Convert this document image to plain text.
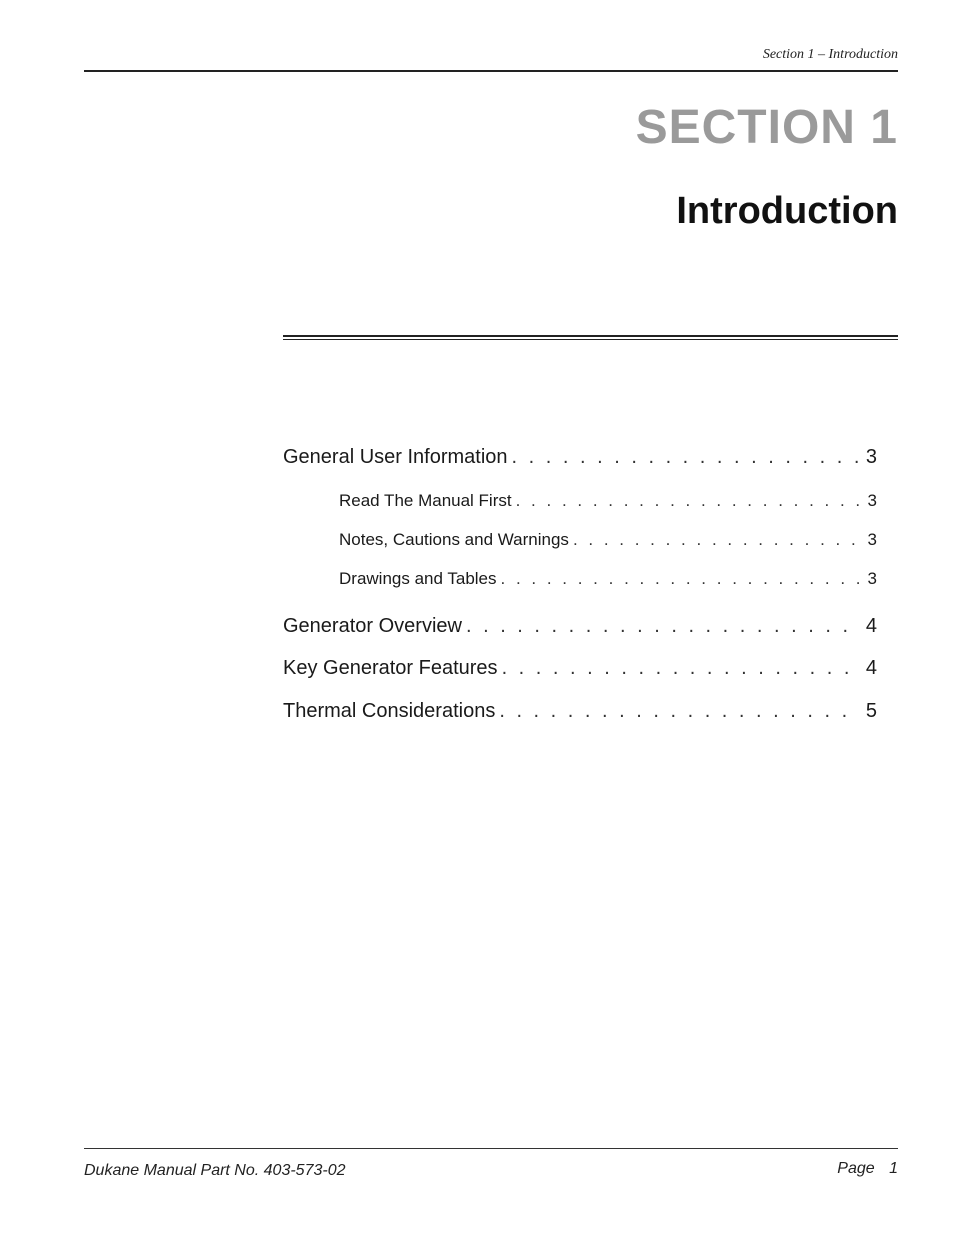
Section 1 – Introduction
SECTION 1
Introduction
General User Information . . .	3
Read The Manual First . . .	3
Notes, Cautions and Warnings . . .	3
Drawings and Tables . . .	3
Generator Overview . . .	4
Key Generator Features . . .	4
Thermal Considerations . . .	5
Dukane Manual Part No. 403-573-02	Page 1
